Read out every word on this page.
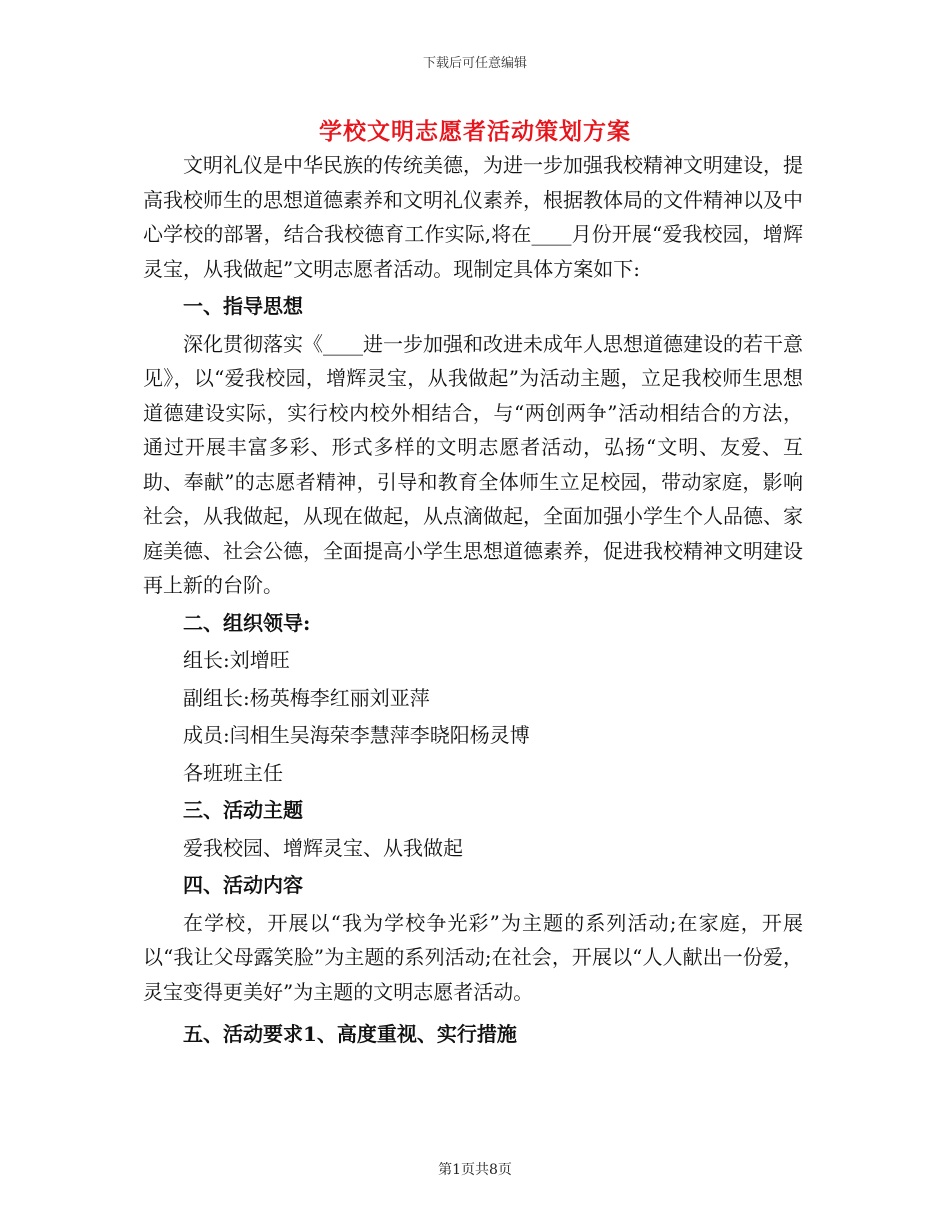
下载后可任意编辑
学校文明志愿者活动策划方案

文明礼仪是中华民族的传统美德，为进一步加强我校精神文明建设，提高我校师生的思想道德素养和文明礼仪素养，根据教体局的文件精神以及中心学校的部署，结合我校德育工作实际,将在____月份开展“爱我校园，增辉灵宝，从我做起”文明志愿者活动。现制定具体方案如下:

一、指导思想

深化贯彻落实《____进一步加强和改进未成年人思想道德建设的若干意见》，以“爱我校园，增辉灵宝，从我做起”为活动主题，立足我校师生思想道德建设实际，实行校内校外相结合，与“两创两争”活动相结合的方法，通过开展丰富多彩、形式多样的文明志愿者活动，弘扬“文明、友爱、互助、奉献”的志愿者精神，引导和教育全体师生立足校园，带动家庭，影响社会，从我做起，从现在做起，从点滴做起，全面加强小学生个人品德、家庭美德、社会公德，全面提高小学生思想道德素养，促进我校精神文明建设再上新的台阶。

二、组织领导:
组长:刘增旺
副组长:杨英梅李红丽刘亚萍
成员:闫相生吴海荣李慧萍李晓阳杨灵博
各班班主任
三、活动主题
爱我校园、增辉灵宝、从我做起
四、活动内容

在学校，开展以“我为学校争光彩”为主题的系列活动;在家庭，开展以“我让父母露笑脸”为主题的系列活动;在社会，开展以“人人献出一份爱，灵宝变得更美好”为主题的文明志愿者活动。

五、活动要求1、高度重视、实行措施
第1页共8页
